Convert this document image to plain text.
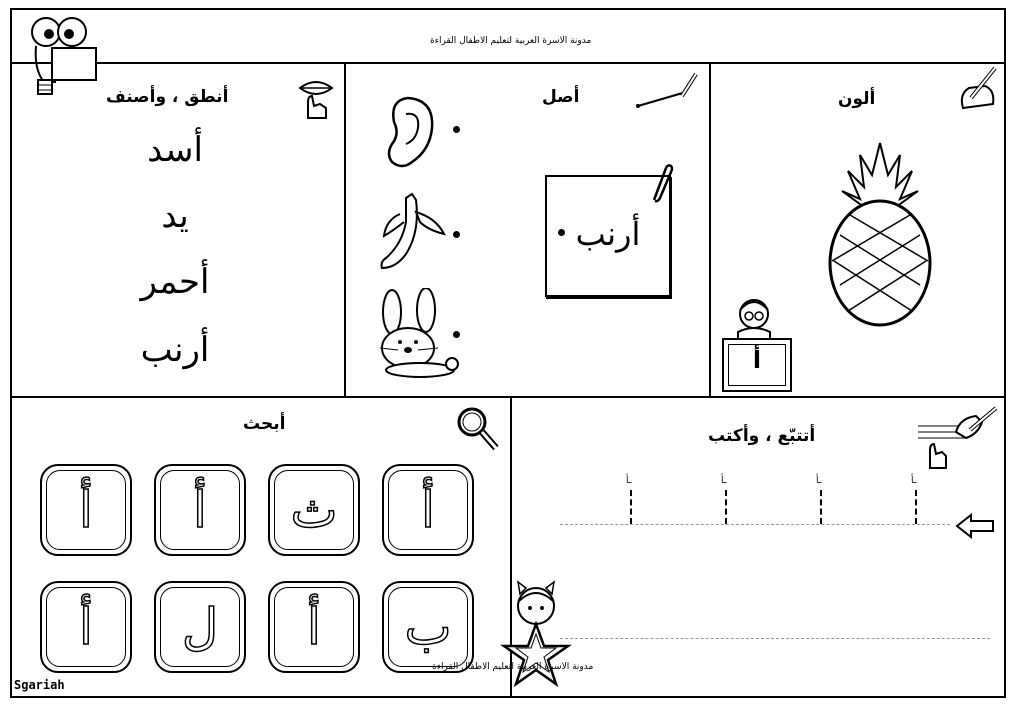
مدونة الاسرة العربية لتعليم الاطفال القراءة
ألون
أ
أصل
أرنب
أنطق ، وأصنف
أسد
يد
أحمر
أرنب
أبحث
أ
ث
أ
أ
ب
أ
ل
أ
أتتبّع ، وأكتب
ـأ	ـأ	ـأ	ـأ
مدونة الاسرة العربية لتعليم الاطفال القراءة
Sgariah
